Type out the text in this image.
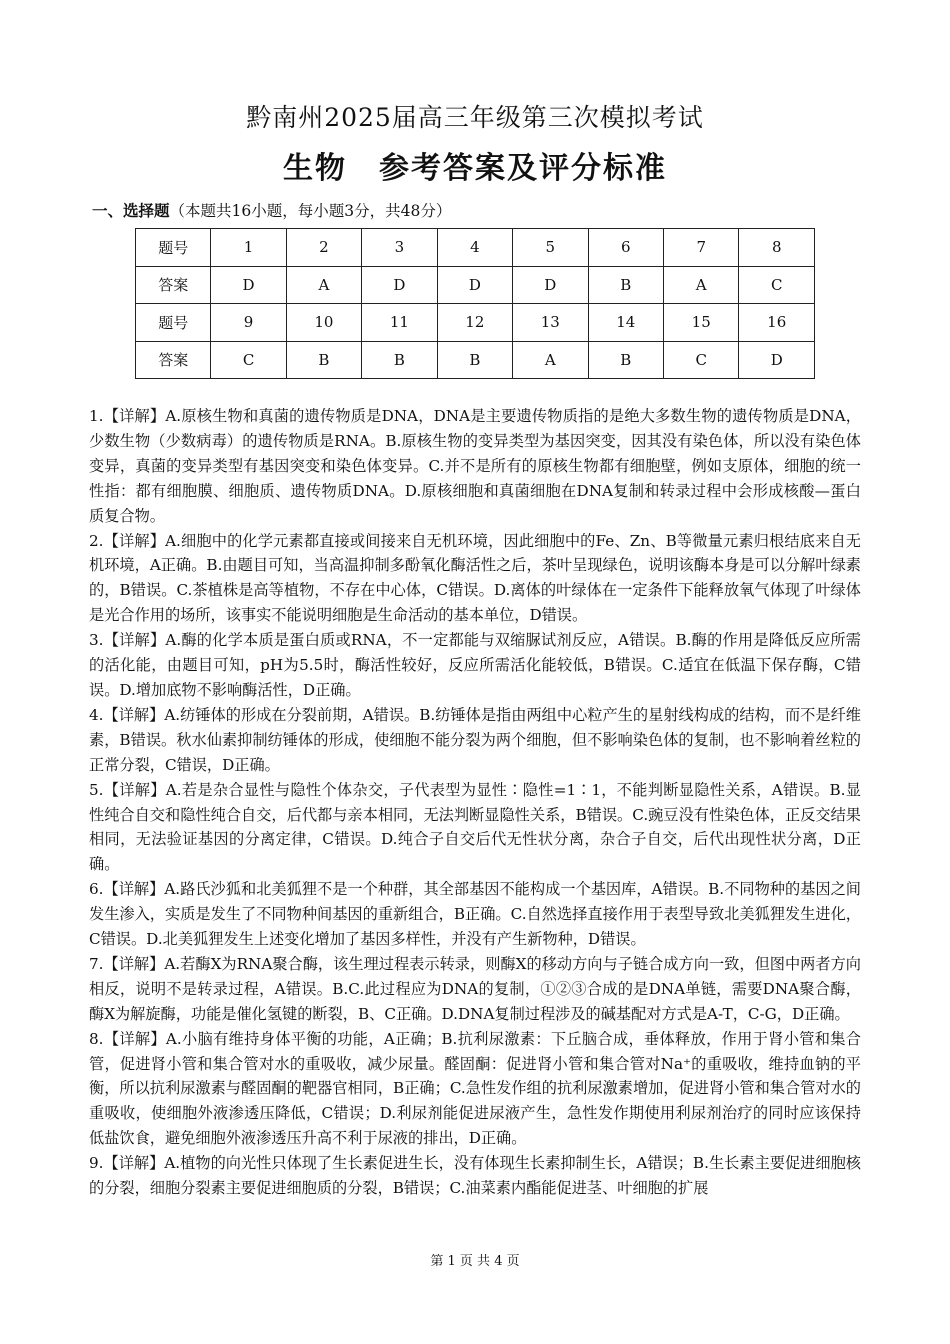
黔南州2025届高三年级第三次模拟考试
生物　参考答案及评分标准
一、选择题（本题共16小题，每小题3分，共48分）
题号	1	2	3	4	5	6	7	8
答案	D	A	D	D	D	B	A	C
题号	9	10	11	12	13	14	15	16
答案	C	B	B	B	A	B	C	D

1.【详解】A.原核生物和真菌的遗传物质是DNA，DNA是主要遗传物质指的是绝大多数生物的遗传物质是DNA，少数生物（少数病毒）的遗传物质是RNA。B.原核生物的变异类型为基因突变，因其没有染色体，所以没有染色体变异，真菌的变异类型有基因突变和染色体变异。C.并不是所有的原核生物都有细胞壁，例如支原体，细胞的统一性指：都有细胞膜、细胞质、遗传物质DNA。D.原核细胞和真菌细胞在DNA复制和转录过程中会形成核酸—蛋白质复合物。

2.【详解】A.细胞中的化学元素都直接或间接来自无机环境，因此细胞中的Fe、Zn、B等微量元素归根结底来自无机环境，A正确。B.由题目可知，当高温抑制多酚氧化酶活性之后，茶叶呈现绿色，说明该酶本身是可以分解叶绿素的，B错误。C.茶植株是高等植物，不存在中心体，C错误。D.离体的叶绿体在一定条件下能释放氧气体现了叶绿体是光合作用的场所，该事实不能说明细胞是生命活动的基本单位，D错误。

3.【详解】A.酶的化学本质是蛋白质或RNA，不一定都能与双缩脲试剂反应，A错误。B.酶的作用是降低反应所需的活化能，由题目可知，pH为5.5时，酶活性较好，反应所需活化能较低，B错误。C.适宜在低温下保存酶，C错误。D.增加底物不影响酶活性，D正确。

4.【详解】A.纺锤体的形成在分裂前期，A错误。B.纺锤体是指由两组中心粒产生的星射线构成的结构，而不是纤维素，B错误。秋水仙素抑制纺锤体的形成，使细胞不能分裂为两个细胞，但不影响染色体的复制，也不影响着丝粒的正常分裂，C错误，D正确。

5.【详解】A.若是杂合显性与隐性个体杂交，子代表型为显性∶隐性=1∶1，不能判断显隐性关系，A错误。B.显性纯合自交和隐性纯合自交，后代都与亲本相同，无法判断显隐性关系，B错误。C.豌豆没有性染色体，正反交结果相同，无法验证基因的分离定律，C错误。D.纯合子自交后代无性状分离，杂合子自交，后代出现性状分离，D正确。

6.【详解】A.路氏沙狐和北美狐狸不是一个种群，其全部基因不能构成一个基因库，A错误。B.不同物种的基因之间发生渗入，实质是发生了不同物种间基因的重新组合，B正确。C.自然选择直接作用于表型导致北美狐狸发生进化，C错误。D.北美狐狸发生上述变化增加了基因多样性，并没有产生新物种，D错误。

7.【详解】A.若酶X为RNA聚合酶，该生理过程表示转录，则酶X的移动方向与子链合成方向一致，但图中两者方向相反，说明不是转录过程，A错误。B.C.此过程应为DNA的复制，①②③合成的是DNA单链，需要DNA聚合酶，酶X为解旋酶，功能是催化氢键的断裂，B、C正确。D.DNA复制过程涉及的碱基配对方式是A-T，C-G，D正确。

8.【详解】A.小脑有维持身体平衡的功能，A正确；B.抗利尿激素：下丘脑合成，垂体释放，作用于肾小管和集合管，促进肾小管和集合管对水的重吸收，减少尿量。醛固酮：促进肾小管和集合管对Na⁺的重吸收，维持血钠的平衡，所以抗利尿激素与醛固酮的靶器官相同，B正确；C.急性发作组的抗利尿激素增加，促进肾小管和集合管对水的重吸收，使细胞外液渗透压降低，C错误；D.利尿剂能促进尿液产生，急性发作期使用利尿剂治疗的同时应该保持低盐饮食，避免细胞外液渗透压升高不利于尿液的排出，D正确。

9.【详解】A.植物的向光性只体现了生长素促进生长，没有体现生长素抑制生长，A错误；B.生长素主要促进细胞核的分裂，细胞分裂素主要促进细胞质的分裂，B错误；C.油菜素内酯能促进茎、叶细胞的扩展

第 1 页 共 4 页
